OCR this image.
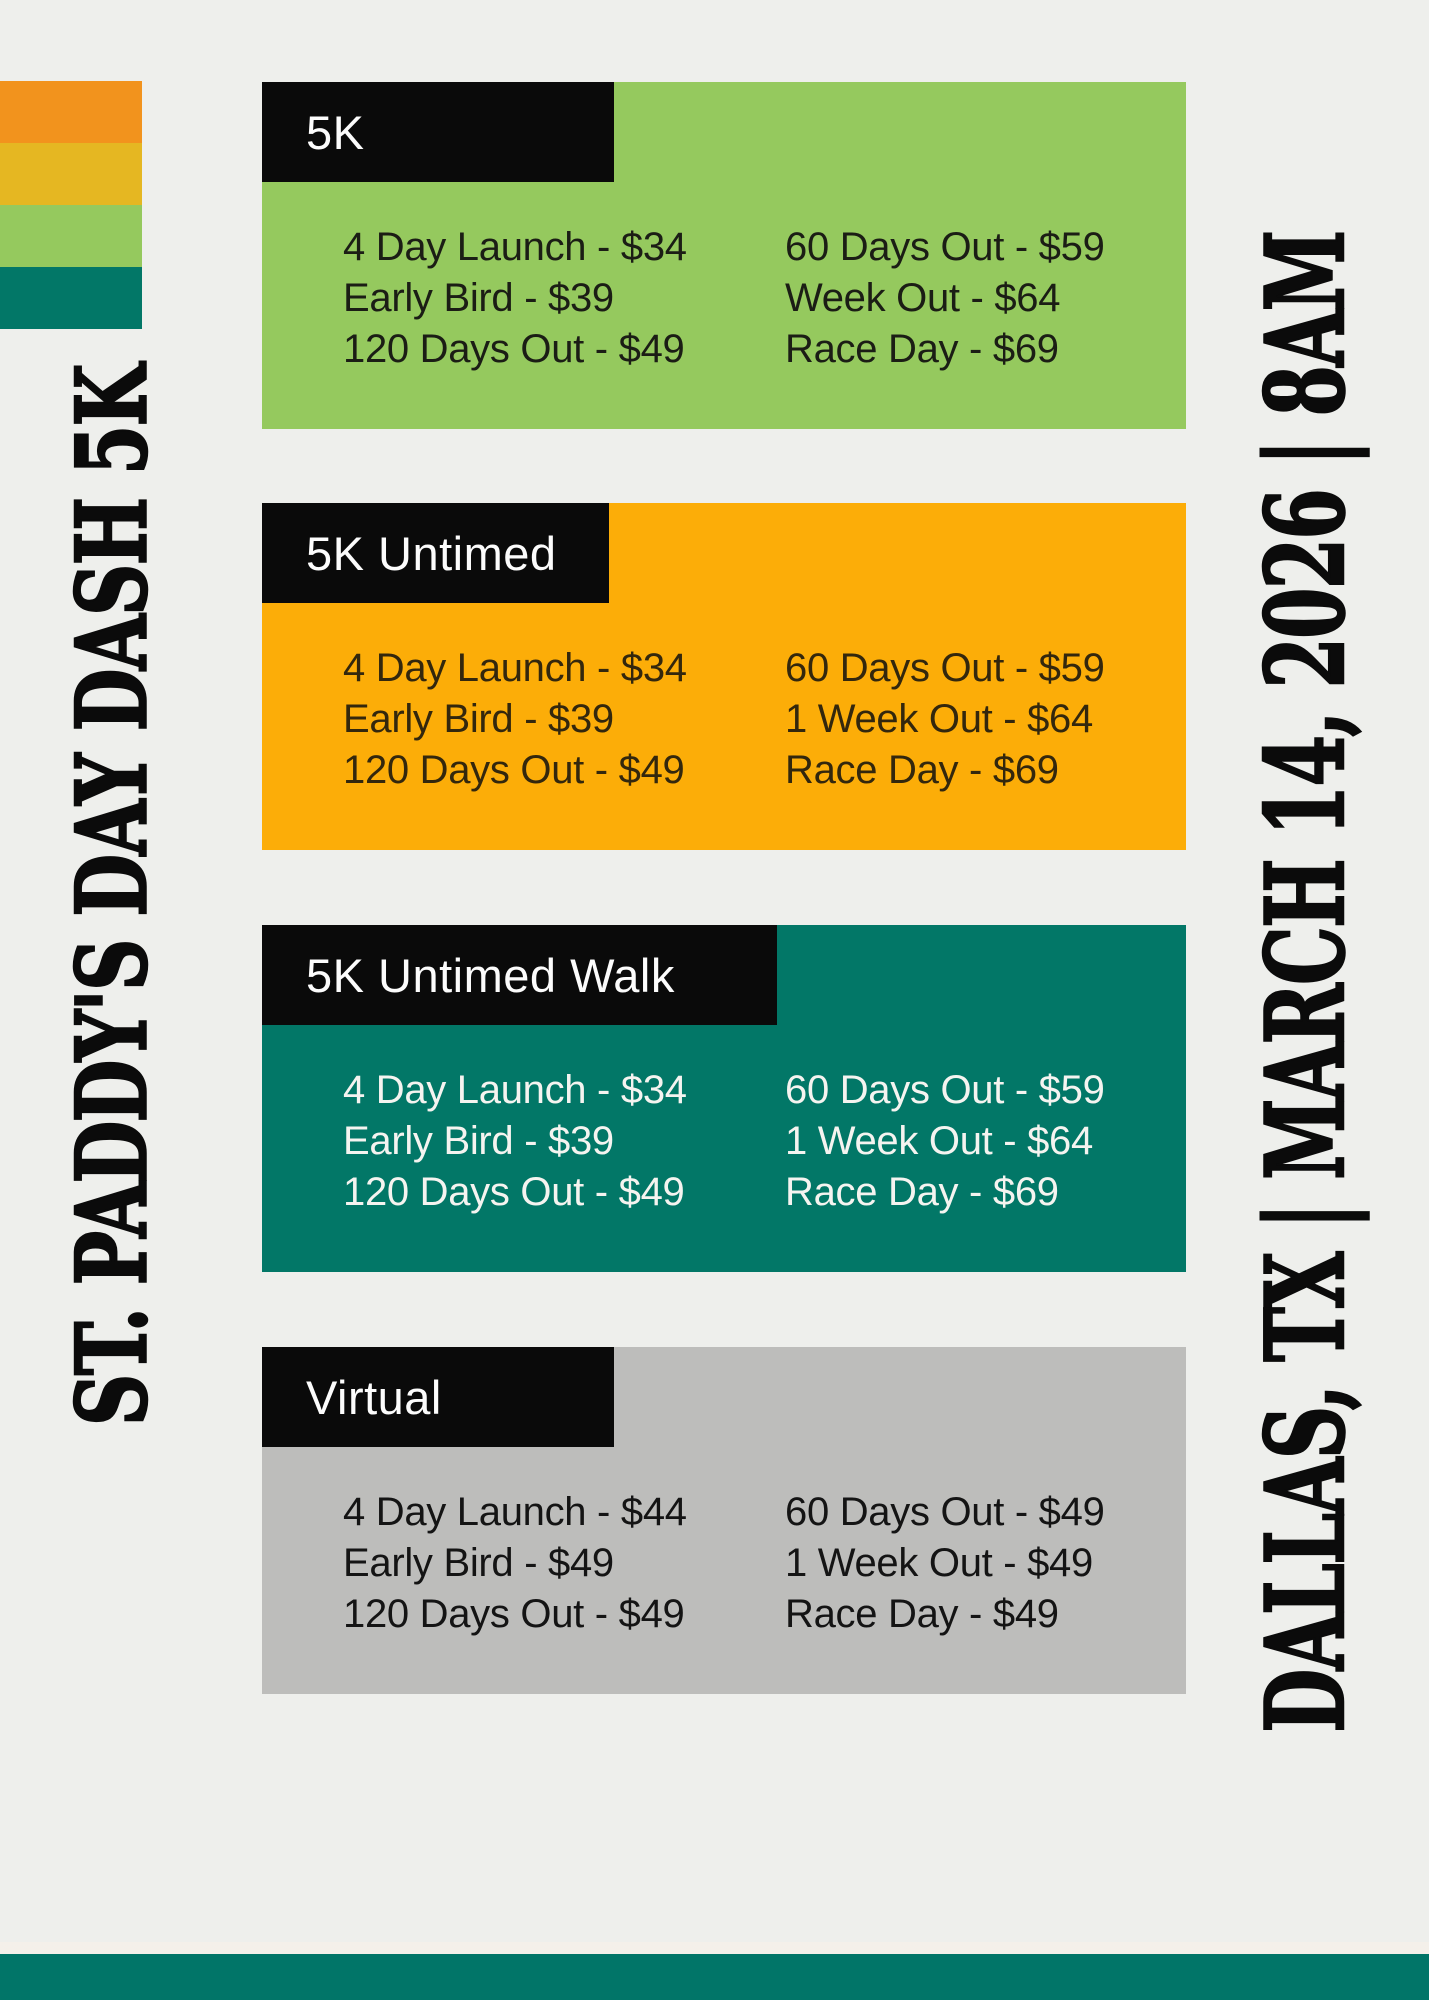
ST. PADDY'S DAY DASH 5K	DALLAS, TX | MARCH 14, 2026 | 8AM
5K
4 Day Launch - $34
Early Bird - $39
120 Days Out - $49
60 Days Out - $59
Week Out - $64
Race Day - $69
5K Untimed
4 Day Launch - $34
Early Bird - $39
120 Days Out - $49
60 Days Out - $59
1 Week Out - $64
Race Day - $69
5K Untimed Walk
4 Day Launch - $34
Early Bird - $39
120 Days Out - $49
60 Days Out - $59
1 Week Out - $64
Race Day - $69
Virtual
4 Day Launch - $44
Early Bird - $49
120 Days Out - $49
60 Days Out - $49
1 Week Out - $49
Race Day - $49
